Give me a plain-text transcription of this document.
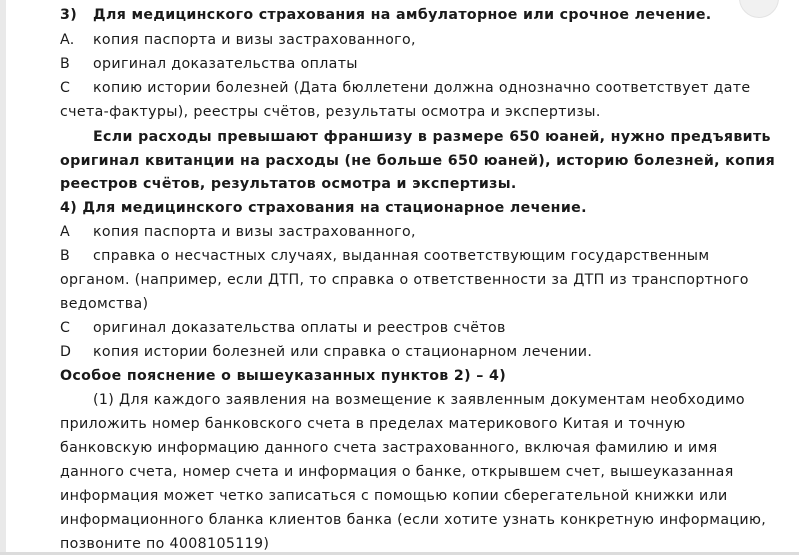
3) Для медицинского страхования на амбулаторное или срочное лечение.
A. копия паспорта и визы застрахованного,
B оригинал доказательства оплаты
C копию истории болезней (Дата бюллетени должна однозначно соответствует дате
счета-фактуры), реестры счётов, результаты осмотра и экспертизы.
Если расходы превышают франшизу в размере 650 юаней, нужно предъявить
оригинал квитанции на расходы (не больше 650 юаней), историю болезней, копия
реестров счётов, результатов осмотра и экспертизы.
4) Для медицинского страхования на стационарное лечение.
A копия паспорта и визы застрахованного,
B справка о несчастных случаях, выданная соответствующим государственным
органом. (например, если ДТП, то справка о ответственности за ДТП из транспортного
ведомства)
C оригинал доказательства оплаты и реестров счётов
D копия истории болезней или справка о стационарном лечении.
Особое пояснение о вышеуказанных пунктов 2) – 4)
(1) Для каждого заявления на возмещение к заявленным документам необходимо
приложить номер банковского счета в пределах материкового Китая и точную
банковскую информацию данного счета застрахованного, включая фамилию и имя
данного счета, номер счета и информация о банке, открывшем счет, вышеуказанная
информация может четко записаться с помощью копии сберегательной книжки или
информационного бланка клиентов банка (если хотите узнать конкретную информацию,
позвоните по 4008105119)
